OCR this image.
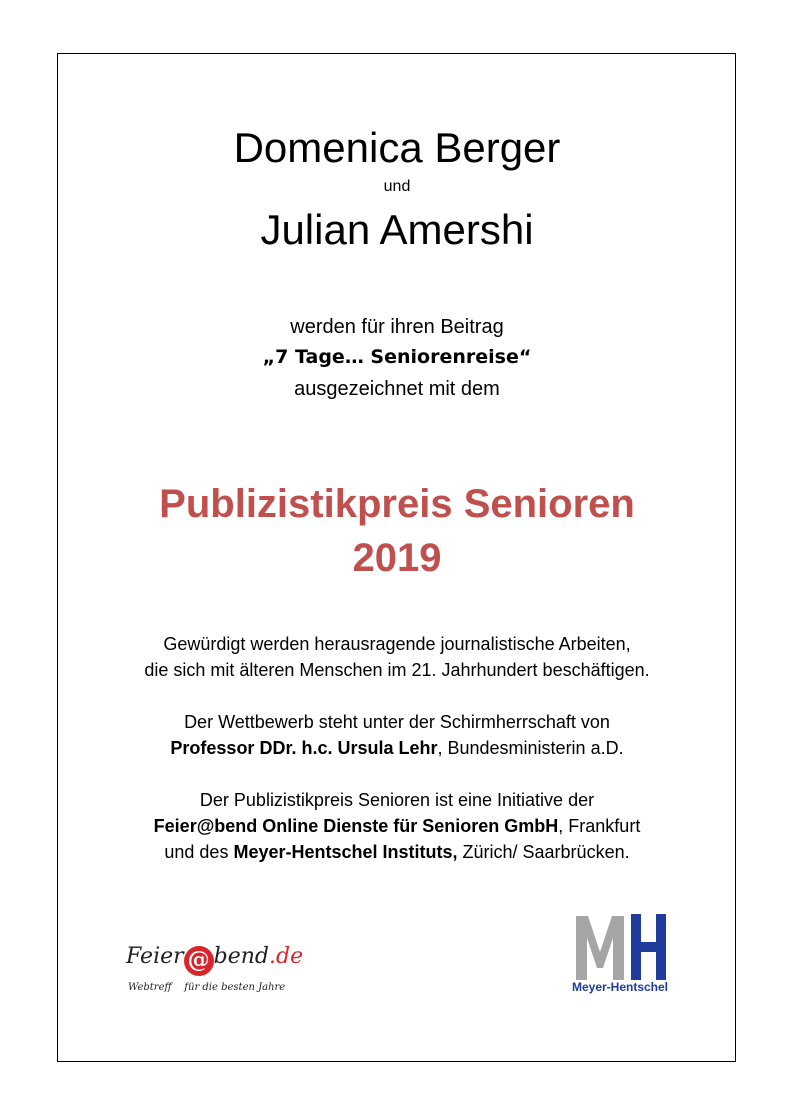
Domenica Berger
und
Julian Amershi
werden für ihren Beitrag
„7 Tage… Seniorenreise“
ausgezeichnet mit dem
Publizistikpreis Senioren
2019
Gewürdigt werden herausragende journalistische Arbeiten,
die sich mit älteren Menschen im 21. Jahrhundert beschäftigen.
Der Wettbewerb steht unter der Schirmherrschaft von
Professor DDr. h.c. Ursula Lehr, Bundesministerin a.D.
Der Publizistikpreis Senioren ist eine Initiative der
Feier@bend Online Dienste für Senioren GmbH, Frankfurt
und des Meyer-Hentschel Instituts, Zürich/ Saarbrücken.
Feier @ bend.de
Webtreff    für die besten Jahre	Meyer-Hentschel
